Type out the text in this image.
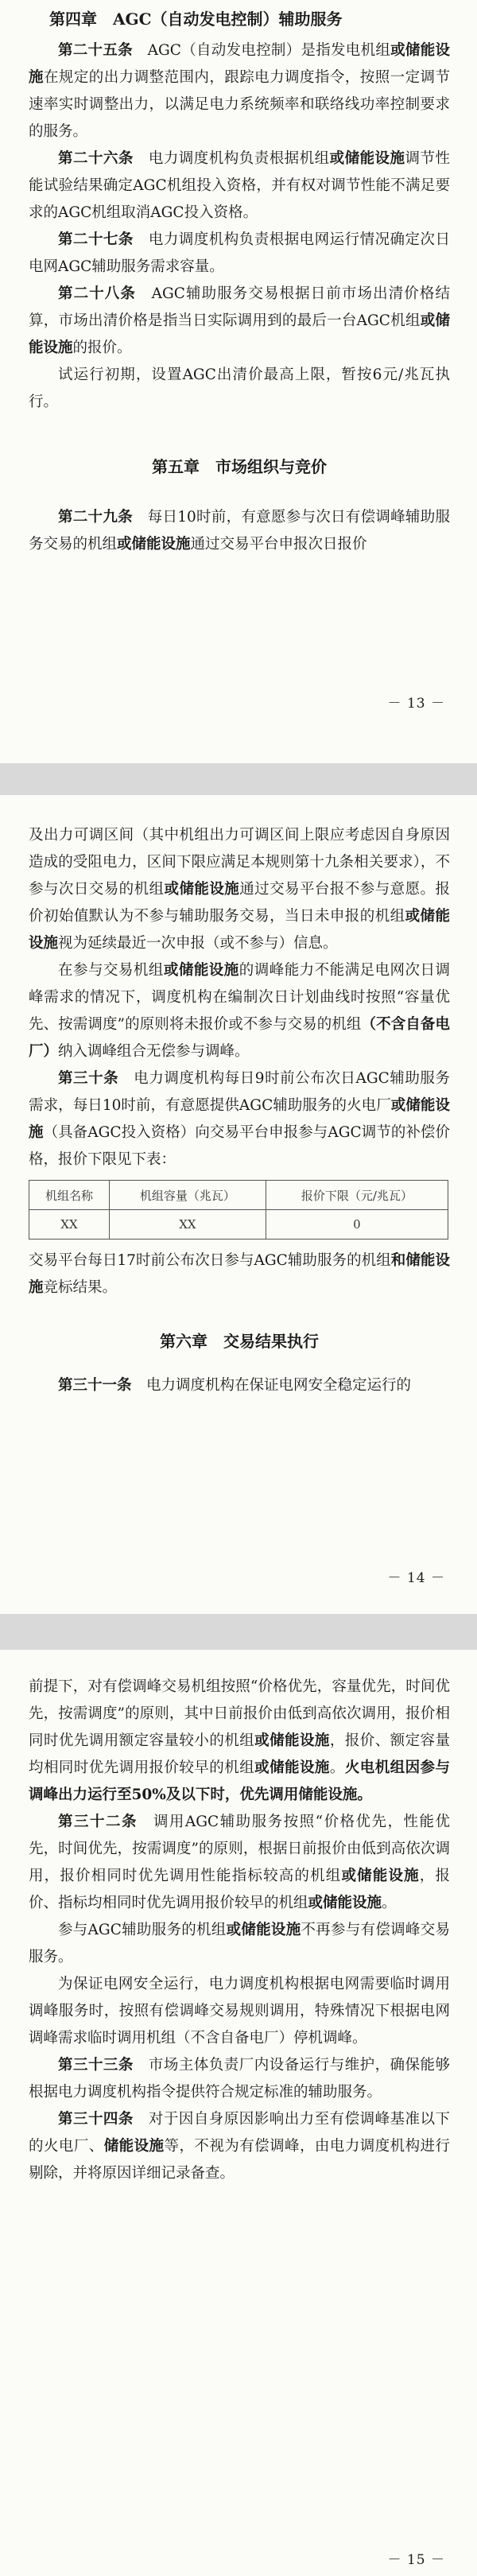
第四章　AGC（自动发电控制）辅助服务

第二十五条　AGC（自动发电控制）是指发电机组或储能设施在规定的出力调整范围内，跟踪电力调度指令，按照一定调节速率实时调整出力，以满足电力系统频率和联络线功率控制要求的服务。

第二十六条　电力调度机构负责根据机组或储能设施调节性能试验结果确定AGC机组投入资格，并有权对调节性能不满足要求的AGC机组取消AGC投入资格。

第二十七条　电力调度机构负责根据电网运行情况确定次日电网AGC辅助服务需求容量。

第二十八条　AGC辅助服务交易根据日前市场出清价格结算，市场出清价格是指当日实际调用到的最后一台AGC机组或储能设施的报价。

试运行初期，设置AGC出清价最高上限，暂按6元/兆瓦执行。

第五章　市场组织与竞价

第二十九条　每日10时前，有意愿参与次日有偿调峰辅助服务交易的机组或储能设施通过交易平台申报次日报价

－ 13 －

及出力可调区间（其中机组出力可调区间上限应考虑因自身原因造成的受阻电力，区间下限应满足本规则第十九条相关要求），不参与次日交易的机组或储能设施通过交易平台报不参与意愿。报价初始值默认为不参与辅助服务交易，当日未申报的机组或储能设施视为延续最近一次申报（或不参与）信息。

在参与交易机组或储能设施的调峰能力不能满足电网次日调峰需求的情况下，调度机构在编制次日计划曲线时按照“容量优先、按需调度”的原则将未报价或不参与交易的机组（不含自备电厂）纳入调峰组合无偿参与调峰。

第三十条　电力调度机构每日9时前公布次日AGC辅助服务需求，每日10时前，有意愿提供AGC辅助服务的火电厂或储能设施（具备AGC投入资格）向交易平台申报参与AGC调节的补偿价格，报价下限见下表：

机组名称	机组容量（兆瓦）	报价下限（元/兆瓦）
XX	XX	0

交易平台每日17时前公布次日参与AGC辅助服务的机组和储能设施竞标结果。

第六章　交易结果执行

第三十一条　电力调度机构在保证电网安全稳定运行的

－ 14 －

前提下，对有偿调峰交易机组按照“价格优先，容量优先，时间优先，按需调度”的原则，其中日前报价由低到高依次调用，报价相同时优先调用额定容量较小的机组或储能设施，报价、额定容量均相同时优先调用报价较早的机组或储能设施。火电机组因参与调峰出力运行至50%及以下时，优先调用储能设施。

第三十二条　调用AGC辅助服务按照“价格优先，性能优先，时间优先，按需调度”的原则，根据日前报价由低到高依次调用，报价相同时优先调用性能指标较高的机组或储能设施，报价、指标均相同时优先调用报价较早的机组或储能设施。

参与AGC辅助服务的机组或储能设施不再参与有偿调峰交易服务。

为保证电网安全运行，电力调度机构根据电网需要临时调用调峰服务时，按照有偿调峰交易规则调用，特殊情况下根据电网调峰需求临时调用机组（不含自备电厂）停机调峰。

第三十三条　市场主体负责厂内设备运行与维护，确保能够根据电力调度机构指令提供符合规定标准的辅助服务。

第三十四条　对于因自身原因影响出力至有偿调峰基准以下的火电厂、储能设施等，不视为有偿调峰，由电力调度机构进行剔除，并将原因详细记录备查。

－ 15 －
